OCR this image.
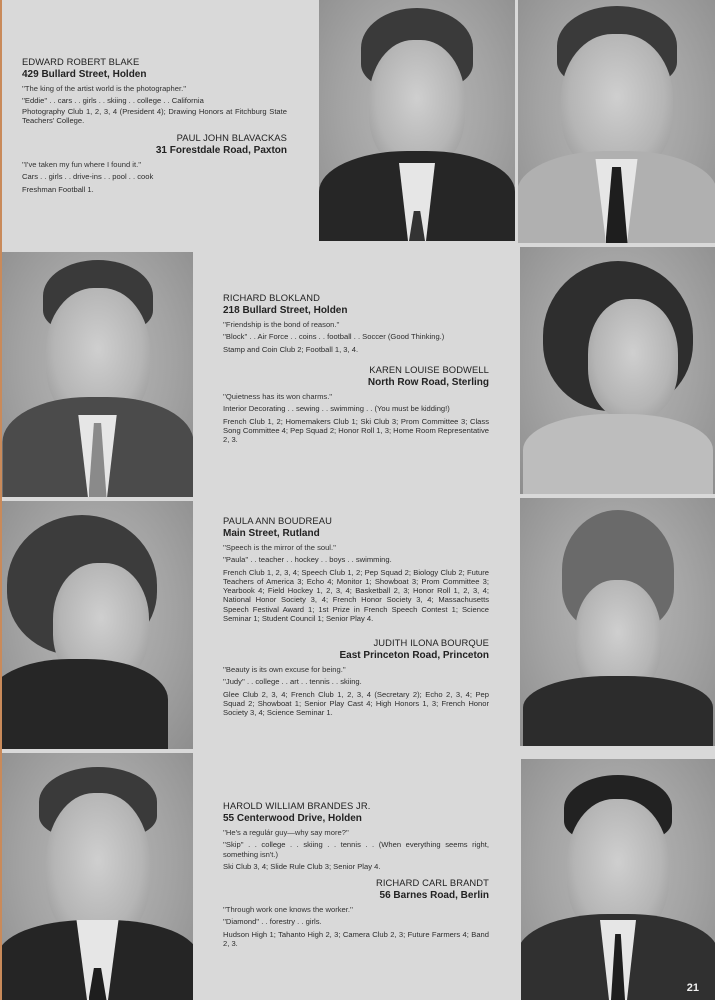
EDWARD ROBERT BLAKE
429 Bullard Street, Holden
''The king of the artist world is the photographer.''
''Eddie'' . . cars . . girls . . skiing . . college . . California
Photography Club 1, 2, 3, 4 (President 4); Drawing Honors at Fitchburg State Teachers' College.
PAUL JOHN BLAVACKAS
31 Forestdale Road, Paxton
''I've taken my fun where I found it.''
Cars . . girls . . drive-ins . . pool . . cook
Freshman Football 1.
RICHARD BLOKLAND
218 Bullard Street, Holden
''Friendship is the bond of reason.''
''Block'' . . Air Force . . coins . . football . . Soccer (Good Thinking.)
Stamp and Coin Club 2; Football 1, 3, 4.
KAREN LOUISE BODWELL
North Row Road, Sterling
''Quietness has its won charms.''
Interior Decorating . . sewing . . swimming . . (You must be kidding!)
French Club 1, 2; Homemakers Club 1; Ski Club 3; Prom Committee 3; Class Song Committee 4; Pep Squad 2; Honor Roll 1, 3; Home Room Representative 2, 3.
PAULA ANN BOUDREAU
Main Street, Rutland
''Speech is the mirror of the soul.''
''Paula'' . . teacher . . hockey . . boys . . swimming.
French Club 1, 2, 3, 4; Speech Club 1, 2; Pep Squad 2; Biology Club 2; Future Teachers of America 3; Echo 4; Monitor 1; Showboat 3; Prom Committee 3; Yearbook 4; Field Hockey 1, 2, 3, 4; Basketball 2, 3; Honor Roll 1, 2, 3, 4; National Honor Society 3, 4; French Honor Society 3, 4; Massachusetts Speech Festival Award 1; 1st Prize in French Speech Contest 1; Science Seminar 1; Student Council 1; Senior Play 4.
JUDITH ILONA BOURQUE
East Princeton Road, Princeton
''Beauty is its own excuse for being.''
''Judy'' . . college . . art . . tennis . . skiing.
Glee Club 2, 3, 4; French Club 1, 2, 3, 4 (Secretary 2); Echo 2, 3, 4; Pep Squad 2; Showboat 1; Senior Play Cast 4; High Honors 1, 3; French Honor Society 3, 4; Science Seminar 1.
HAROLD WILLIAM BRANDES JR.
55 Centerwood Drive, Holden
''He's a regulár guy—why say more?''
''Skip'' . . college . . skiing . . tennis . . (When everything seems right, something isn't.)
Ski Club 3, 4; Slide Rule Club 3; Senior Play 4.
RICHARD CARL BRANDT
56 Barnes Road, Berlin
''Through work one knows the worker.''
''Diamond'' . . forestry . . girls.
Hudson High 1; Tahanto High 2, 3; Camera Club 2, 3; Future Farmers 4; Band 2, 3.
21
